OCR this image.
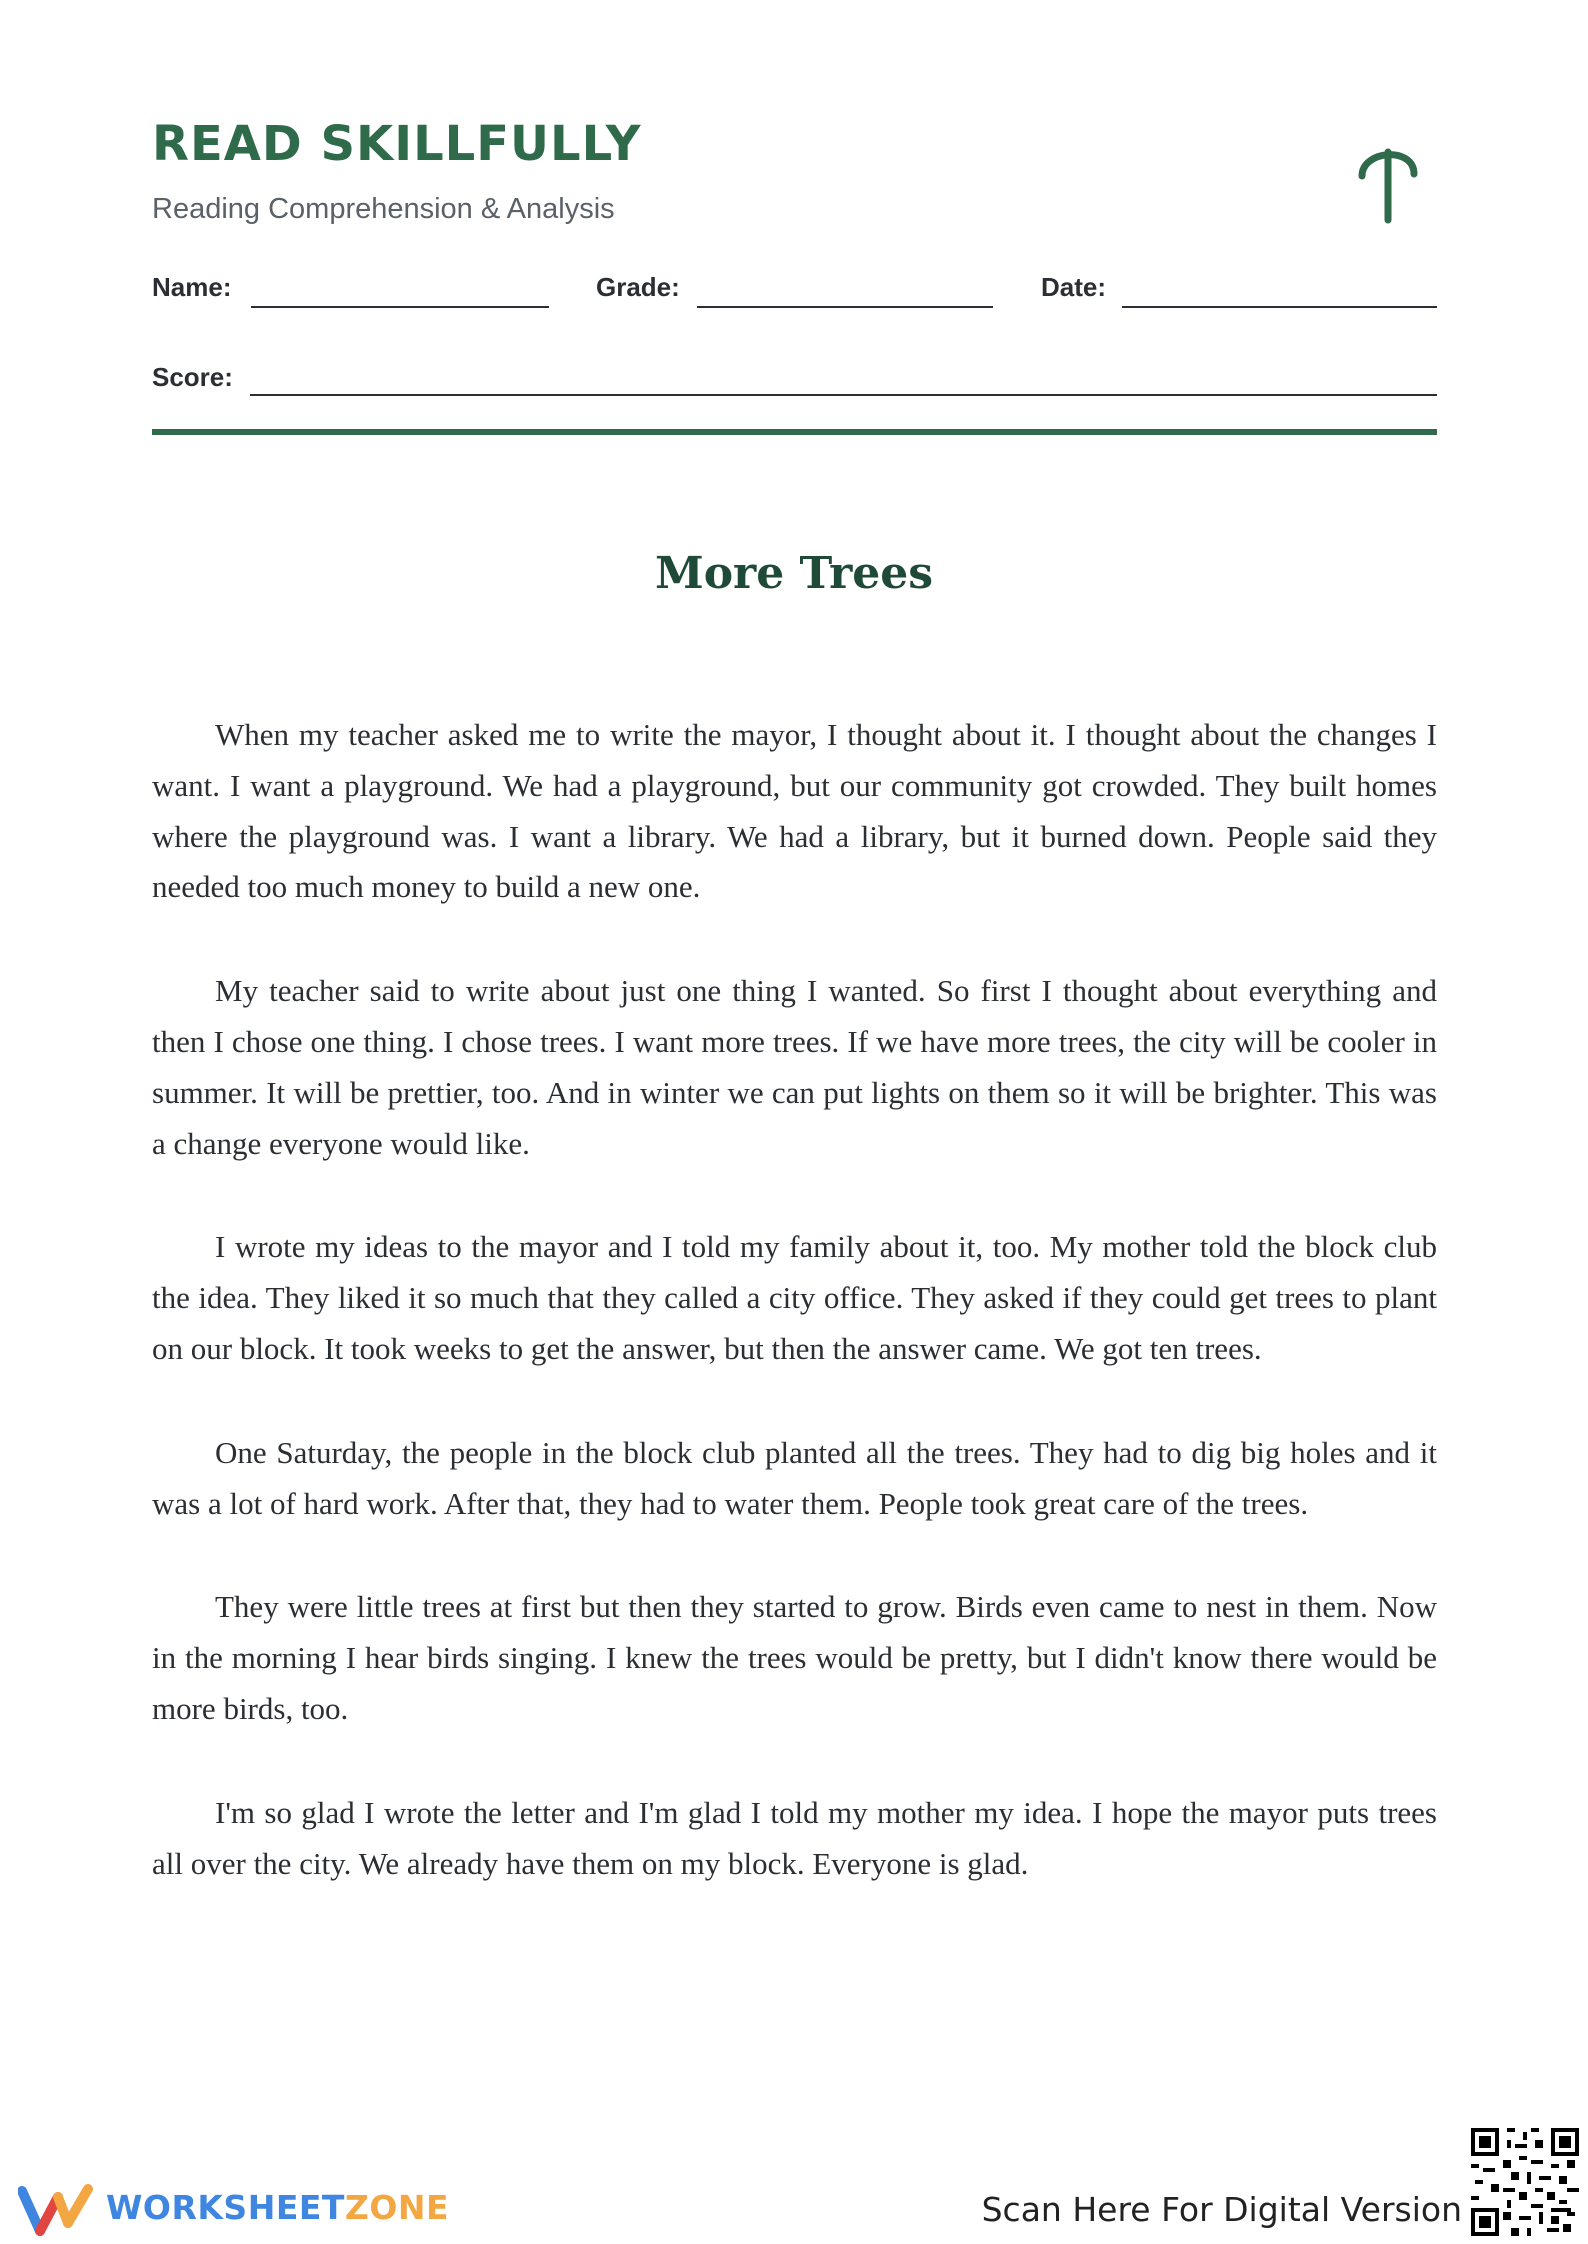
READ SKILLFULLY
Reading Comprehension & Analysis
Name:	Grade:	Date:
Score:
More Trees

When my teacher asked me to write the mayor, I thought about it. I thought about the changes I want. I want a playground. We had a playground, but our community got crowded. They built homes where the playground was. I want a library. We had a library, but it burned down. People said they needed too much money to build a new one.

My teacher said to write about just one thing I wanted. So first I thought about everything and then I chose one thing. I chose trees. I want more trees. If we have more trees, the city will be cooler in summer. It will be prettier, too. And in winter we can put lights on them so it will be brighter. This was a change everyone would like.

I wrote my ideas to the mayor and I told my family about it, too. My mother told the block club the idea. They liked it so much that they called a city office. They asked if they could get trees to plant on our block. It took weeks to get the answer, but then the answer came. We got ten trees.

One Saturday, the people in the block club planted all the trees. They had to dig big holes and it was a lot of hard work. After that, they had to water them. People took great care of the trees.

They were little trees at first but then they started to grow. Birds even came to nest in them. Now in the morning I hear birds singing. I knew the trees would be pretty, but I didn't know there would be more birds, too.

I'm so glad I wrote the letter and I'm glad I told my mother my idea. I hope the mayor puts trees all over the city. We already have them on my block. Everyone is glad.

WORKSHEETZONE	Scan Here For Digital Version
